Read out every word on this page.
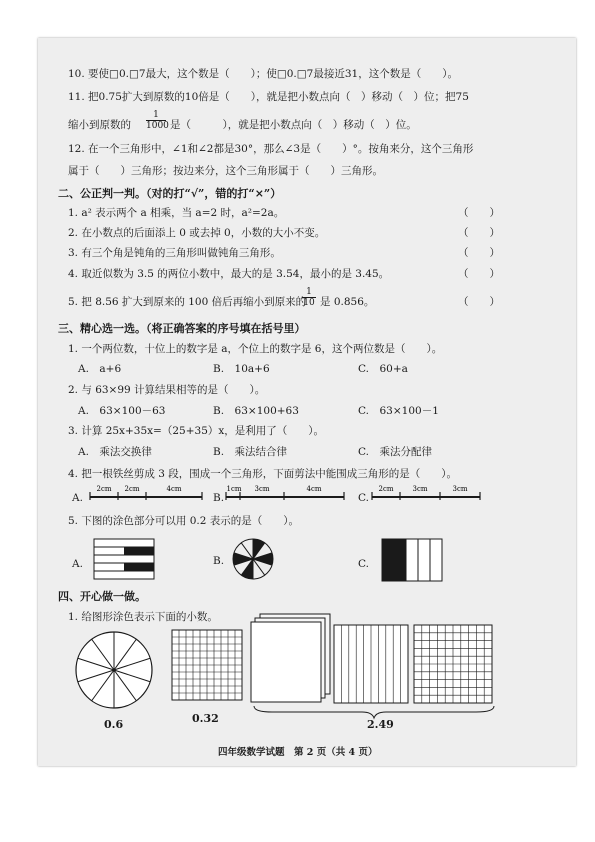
10. 要使□0.□7最大，这个数是（　　）；使□0.□7最接近31，这个数是（　　）。
11. 把0.75扩大到原数的10倍是（　　），就是把小数点向（　）移动（　）位；把75
缩小到原数的 $\frac{1}{1000}$ 是（　　　），就是把小数点向（　）移动（　）位。
12. 在一个三角形中，∠1和∠2都是30°，那么∠3是（　　）°。按角来分，这个三角形
属于（　　）三角形；按边来分，这个三角形属于（　　）三角形。
二、公正判一判。（对的打“√”，错的打“×”）
1. a² 表示两个 a 相乘，当 a=2 时，a²=2a。	（　　）
2. 在小数点的后面添上 0 或去掉 0，小数的大小不变。	（　　）
3. 有三个角是钝角的三角形叫做钝角三角形。	（　　）
4. 取近似数为 3.5 的两位小数中，最大的是 3.54，最小的是 3.45。	（　　）
5. 把 8.56 扩大到原来的 100 倍后再缩小到原来的
$\frac{1}{10}$ 是 0.856。	（　　）
三、精心选一选。（将正确答案的序号填在括号里）
1. 一个两位数，十位上的数字是 a，个位上的数字是 6，这个两位数是（　　）。
A.　a+6	B.　10a+6	C.　60+a
2. 与 63×99 计算结果相等的是（　　）。
A.　63×100－63	B.　63×100+63	C.　63×100－1
3. 计算 25x+35x=（25+35）x，是利用了（　　）。
A.　乘法交换律	B.　乘法结合律	C.　乘法分配律
4. 把一根铁丝剪成 3 段，围成一个三角形，下面剪法中能围成三角形的是（　　）。
A.	B.	C.
2cm 2cm	4cm	1cm 3cm	4cm	2cm	3cm	3cm
5. 下图的涂色部分可以用 0.2 表示的是（　　）。
A.	B.	C.
四、开心做一做。
1. 给图形涂色表示下面的小数。
0.6	0.32	2.49
四年级数学试题　第 2 页（共 4 页）
